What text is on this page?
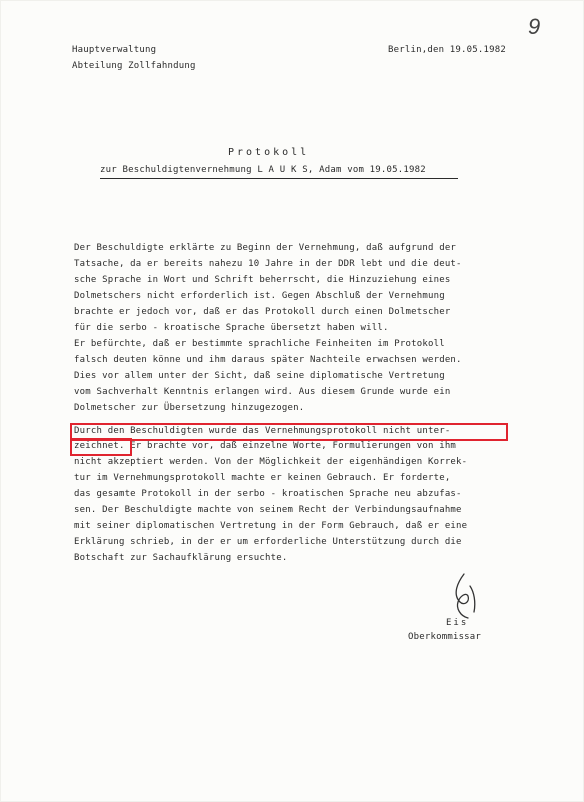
9
Hauptverwaltung
Abteilung Zollfahndung
Berlin,den 19.05.1982
Protokoll
zur Beschuldigtenvernehmung L A U K S, Adam vom 19.05.1982
Der Beschuldigte erklärte zu Beginn der Vernehmung, daß aufgrund der
Tatsache, da er bereits nahezu 10 Jahre in der DDR lebt und die deut-
sche Sprache in Wort und Schrift beherrscht, die Hinzuziehung eines
Dolmetschers nicht erforderlich ist. Gegen Abschluß der Vernehmung
brachte er jedoch vor, daß er das Protokoll durch einen Dolmetscher
für die serbo - kroatische Sprache übersetzt haben will.
Er befürchte, daß er bestimmte sprachliche Feinheiten im Protokoll
falsch deuten könne und ihm daraus später Nachteile erwachsen werden.
Dies vor allem unter der Sicht, daß seine diplomatische Vertretung
vom Sachverhalt Kenntnis erlangen wird. Aus diesem Grunde wurde ein
Dolmetscher zur Übersetzung hinzugezogen.
Durch den Beschuldigten wurde das Vernehmungsprotokoll nicht unter-
zeichnet. Er brachte vor, daß einzelne Worte, Formulierungen von ihm
nicht akzeptiert werden. Von der Möglichkeit der eigenhändigen Korrek-
tur im Vernehmungsprotokoll machte er keinen Gebrauch. Er forderte,
das gesamte Protokoll in der serbo - kroatischen Sprache neu abzufas-
sen. Der Beschuldigte machte von seinem Recht der Verbindungsaufnahme
mit seiner diplomatischen Vertretung in der Form Gebrauch, daß er eine
Erklärung schrieb, in der er um erforderliche Unterstützung durch die
Botschaft zur Sachaufklärung ersuchte.
Eis
Oberkommissar
